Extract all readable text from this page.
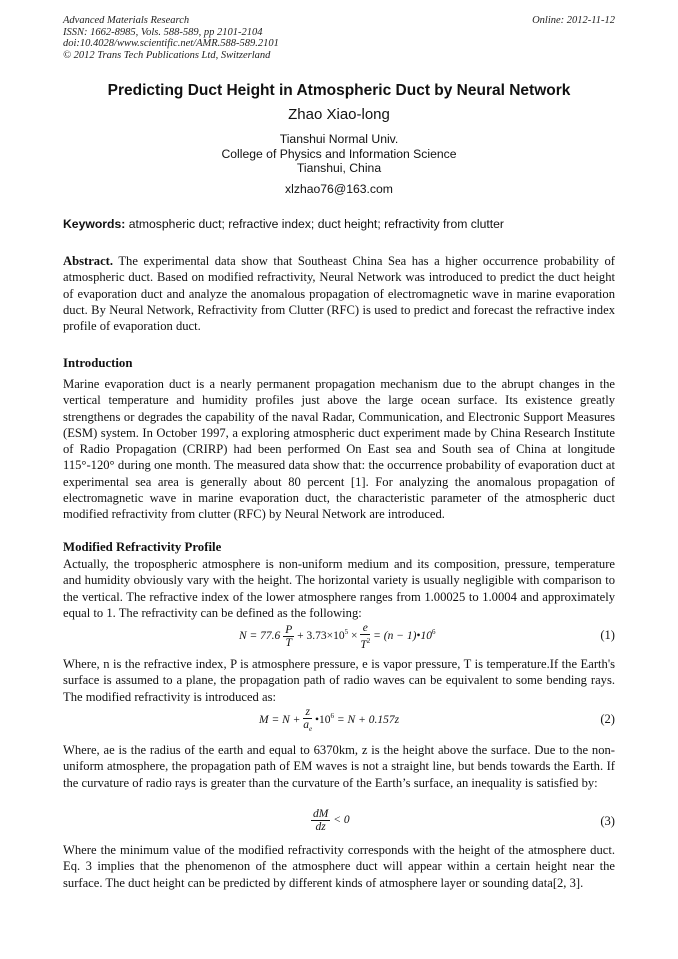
Advanced Materials Research
ISSN: 1662-8985, Vols. 588-589, pp 2101-2104
doi:10.4028/www.scientific.net/AMR.588-589.2101
© 2012 Trans Tech Publications Ltd, Switzerland
Online: 2012-11-12
Predicting Duct Height in Atmospheric Duct by Neural Network
Zhao Xiao-long
Tianshui Normal Univ.
College of Physics and Information Science
Tianshui, China
xlzhao76@163.com
Keywords: atmospheric duct; refractive index; duct height; refractivity from clutter
Abstract. The experimental data show that Southeast China Sea has a higher occurrence probability of atmospheric duct. Based on modified refractivity, Neural Network was introduced to predict the duct height of evaporation duct and analyze the anomalous propagation of electromagnetic wave in marine evaporation duct. By Neural Network, Refractivity from Clutter (RFC) is used to predict and forecast the refractive index profile of evaporation duct.
Introduction
Marine evaporation duct is a nearly permanent propagation mechanism due to the abrupt changes in the vertical temperature and humidity profiles just above the large ocean surface. Its existence greatly strengthens or degrades the capability of the naval Radar, Communication, and Electronic Support Measures (ESM) system. In October 1997, a exploring atmospheric duct experiment made by China Research Institute of Radio Propagation (CRIRP) had been performed On East sea and South sea of China at longitude 115°-120° during one month. The measured data show that: the occurrence probability of evaporation duct at experimental sea area is generally about 80 percent [1]. For analyzing the anomalous propagation of electromagnetic wave in marine evaporation duct, the characteristic parameter of the atmospheric duct modified refractivity from clutter (RFC) by Neural Network are introduced.
Modified Refractivity Profile
Actually, the tropospheric atmosphere is non-uniform medium and its composition, pressure, temperature and humidity obviously vary with the height. The horizontal variety is usually negligible with comparison to the vertical. The refractive index of the lower atmosphere ranges from 1.00025 to 1.0004 and approximately equal to 1. The refractivity can be defined as the following:
$N = 77.6 \frac{P}{T} + 3.73\times 10^5 \times \frac{e}{T^2} = (n$ − $1)•10^6$	(1)
Where, n is the refractive index, P is atmosphere pressure, e is vapor pressure, T is temperature.If the Earth's surface is assumed to a plane, the propagation path of radio waves can be equivalent to some bending rays. The modified refractivity is introduced as:
$M = N + \frac{z}{a_e}$ $•10^6 = N + 0.157z$	(2)
Where, ae is the radius of the earth and equal to 6370km, z is the height above the surface. Due to the non-uniform atmosphere, the propagation path of EM waves is not a straight line, but bends towards the Earth. If the curvature of radio rays is greater than the curvature of the Earth’s surface, an inequality is satisfied by:
$\frac{dM}{dz} < 0$	(3)
Where the minimum value of the modified refractivity corresponds with the height of the atmosphere duct. Eq. 3 implies that the phenomenon of the atmosphere duct will appear within a certain height near the surface. The duct height can be predicted by different kinds of atmosphere layer or sounding data[2, 3].
